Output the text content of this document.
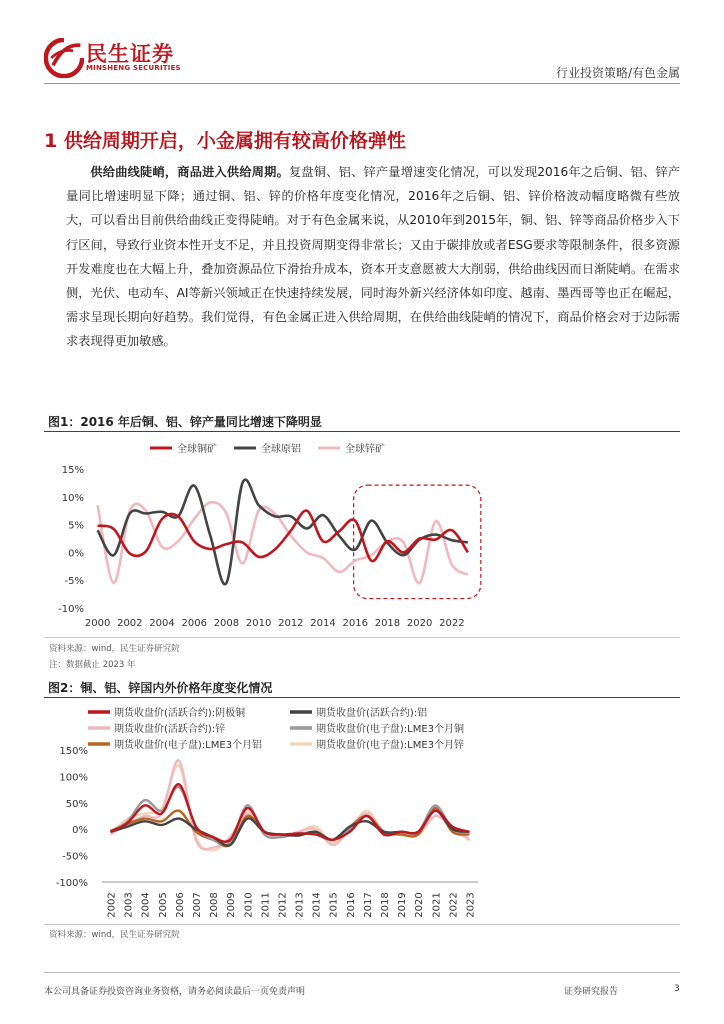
民生证券
MINSHENG SECURITIES	行业投资策略/有色金属
1 供给周期开启，小金属拥有较高价格弹性

供给曲线陡峭，商品进入供给周期。复盘铜、铝、锌产量增速变化情况，可以发现2016年之后铜、铝、锌产量同比增速明显下降；通过铜、铝、锌的价格年度变化情况，2016年之后铜、铝、锌价格波动幅度略微有些放大，可以看出目前供给曲线正变得陡峭。对于有色金属来说，从2010年到2015年，铜、铝、锌等商品价格步入下行区间，导致行业资本性开支不足，并且投资周期变得非常长；又由于碳排放或者ESG要求等限制条件，很多资源开发难度也在大幅上升，叠加资源品位下滑抬升成本，资本开支意愿被大大削弱，供给曲线因而日渐陡峭。在需求侧，光伏、电动车、AI等新兴领域正在快速持续发展，同时海外新兴经济体如印度、越南、墨西哥等也正在崛起，需求呈现长期向好趋势。我们觉得，有色金属正进入供给周期，在供给曲线陡峭的情况下，商品价格会对于边际需求表现得更加敏感。

图1：2016 年后铜、铝、锌产量同比增速下降明显
全球铜矿	全球原铝	全球锌矿
15%
10%
5%
0%
-5%
-10%
2000 2002 2004 2006 2008 2010 2012 2014 2016 2018 2020 2022
资料来源：wind，民生证券研究院
注：数据截止 2023 年
图2：铜、铝、锌国内外价格年度变化情况
期货收盘价(活跃合约):阴极铜	期货收盘价(活跃合约):铝
期货收盘价(活跃合约):锌	期货收盘价(电子盘):LME3个月铜
期货收盘价(电子盘):LME3个月铝	期货收盘价(电子盘):LME3个月锌
150%
100%
50%
0%
-50%
-100%
2002 2003 2004 2005 2006 2007 2008 2009 2010 2011 2012 2013 2014 2015 2016 2017 2018 2019 2020 2021 2022 2023
资料来源：wind，民生证券研究院
本公司具备证券投资咨询业务资格，请务必阅读最后一页免责声明	证券研究报告	3
